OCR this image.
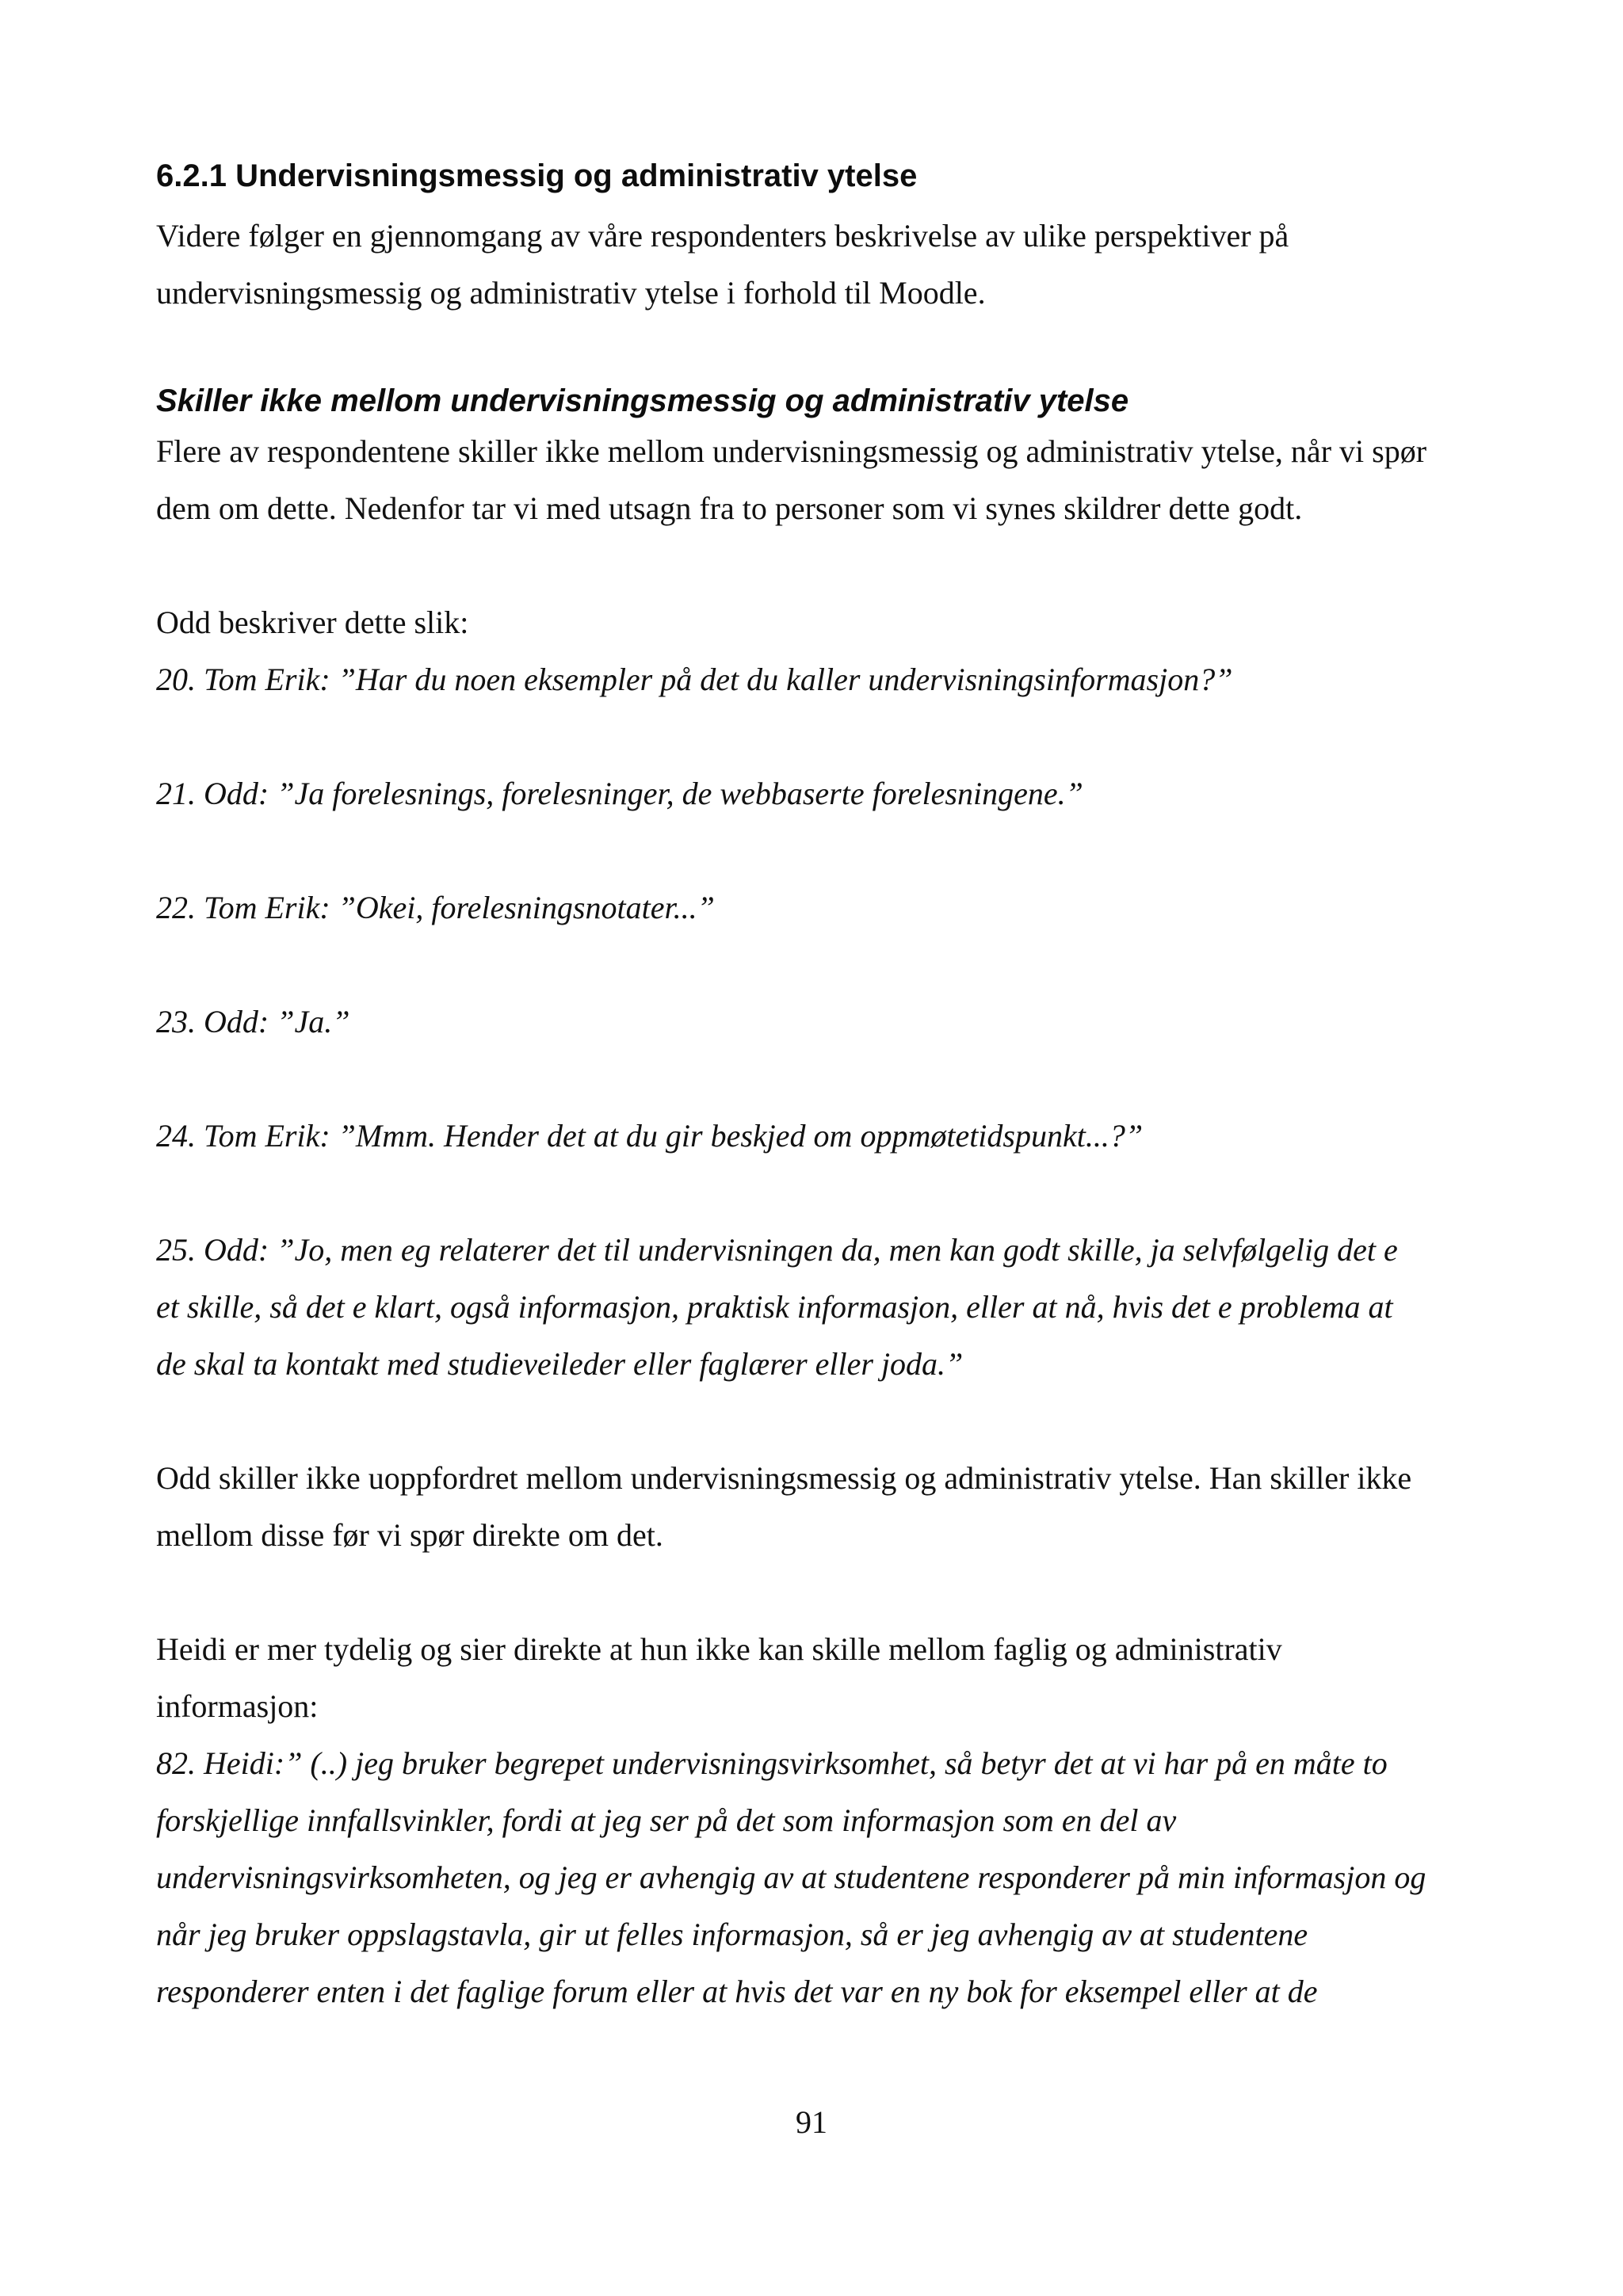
6.2.1 Undervisningsmessig og administrativ ytelse

Videre følger en gjennomgang av våre respondenters beskrivelse av ulike perspektiver på

undervisningsmessig og administrativ ytelse i forhold til Moodle.

Skiller ikke mellom undervisningsmessig og administrativ ytelse

Flere av respondentene skiller ikke mellom undervisningsmessig og administrativ ytelse, når vi spør

dem om dette. Nedenfor tar vi med utsagn fra to personer som vi synes skildrer dette godt.

Odd beskriver dette slik:

20. Tom Erik: ”Har du noen eksempler på det du kaller undervisningsinformasjon?”

21. Odd: ”Ja forelesnings, forelesninger, de webbaserte forelesningene.”

22. Tom Erik: ”Okei, forelesningsnotater...”

23. Odd: ”Ja.”

24. Tom Erik: ”Mmm. Hender det at du gir beskjed om oppmøtetidspunkt...?”

25. Odd: ”Jo, men eg relaterer det til undervisningen da, men kan godt skille, ja selvfølgelig det e

et skille, så det e klart, også informasjon, praktisk informasjon, eller at nå, hvis det e problema at

de skal ta kontakt med studieveileder eller faglærer eller joda.”

Odd skiller ikke uoppfordret mellom undervisningsmessig og administrativ ytelse. Han skiller ikke

mellom disse før vi spør direkte om det.

Heidi er mer tydelig og sier direkte at hun ikke kan skille mellom faglig og administrativ

informasjon:

82. Heidi:” (..) jeg bruker begrepet undervisningsvirksomhet, så betyr det at vi har på en måte to

forskjellige innfallsvinkler, fordi at jeg ser på det som informasjon som en del av

undervisningsvirksomheten, og jeg er avhengig av at studentene responderer på min informasjon og

når jeg bruker oppslagstavla, gir ut felles informasjon, så er jeg avhengig av at studentene

responderer enten i det faglige forum eller at hvis det var en ny bok for eksempel eller at de

91
